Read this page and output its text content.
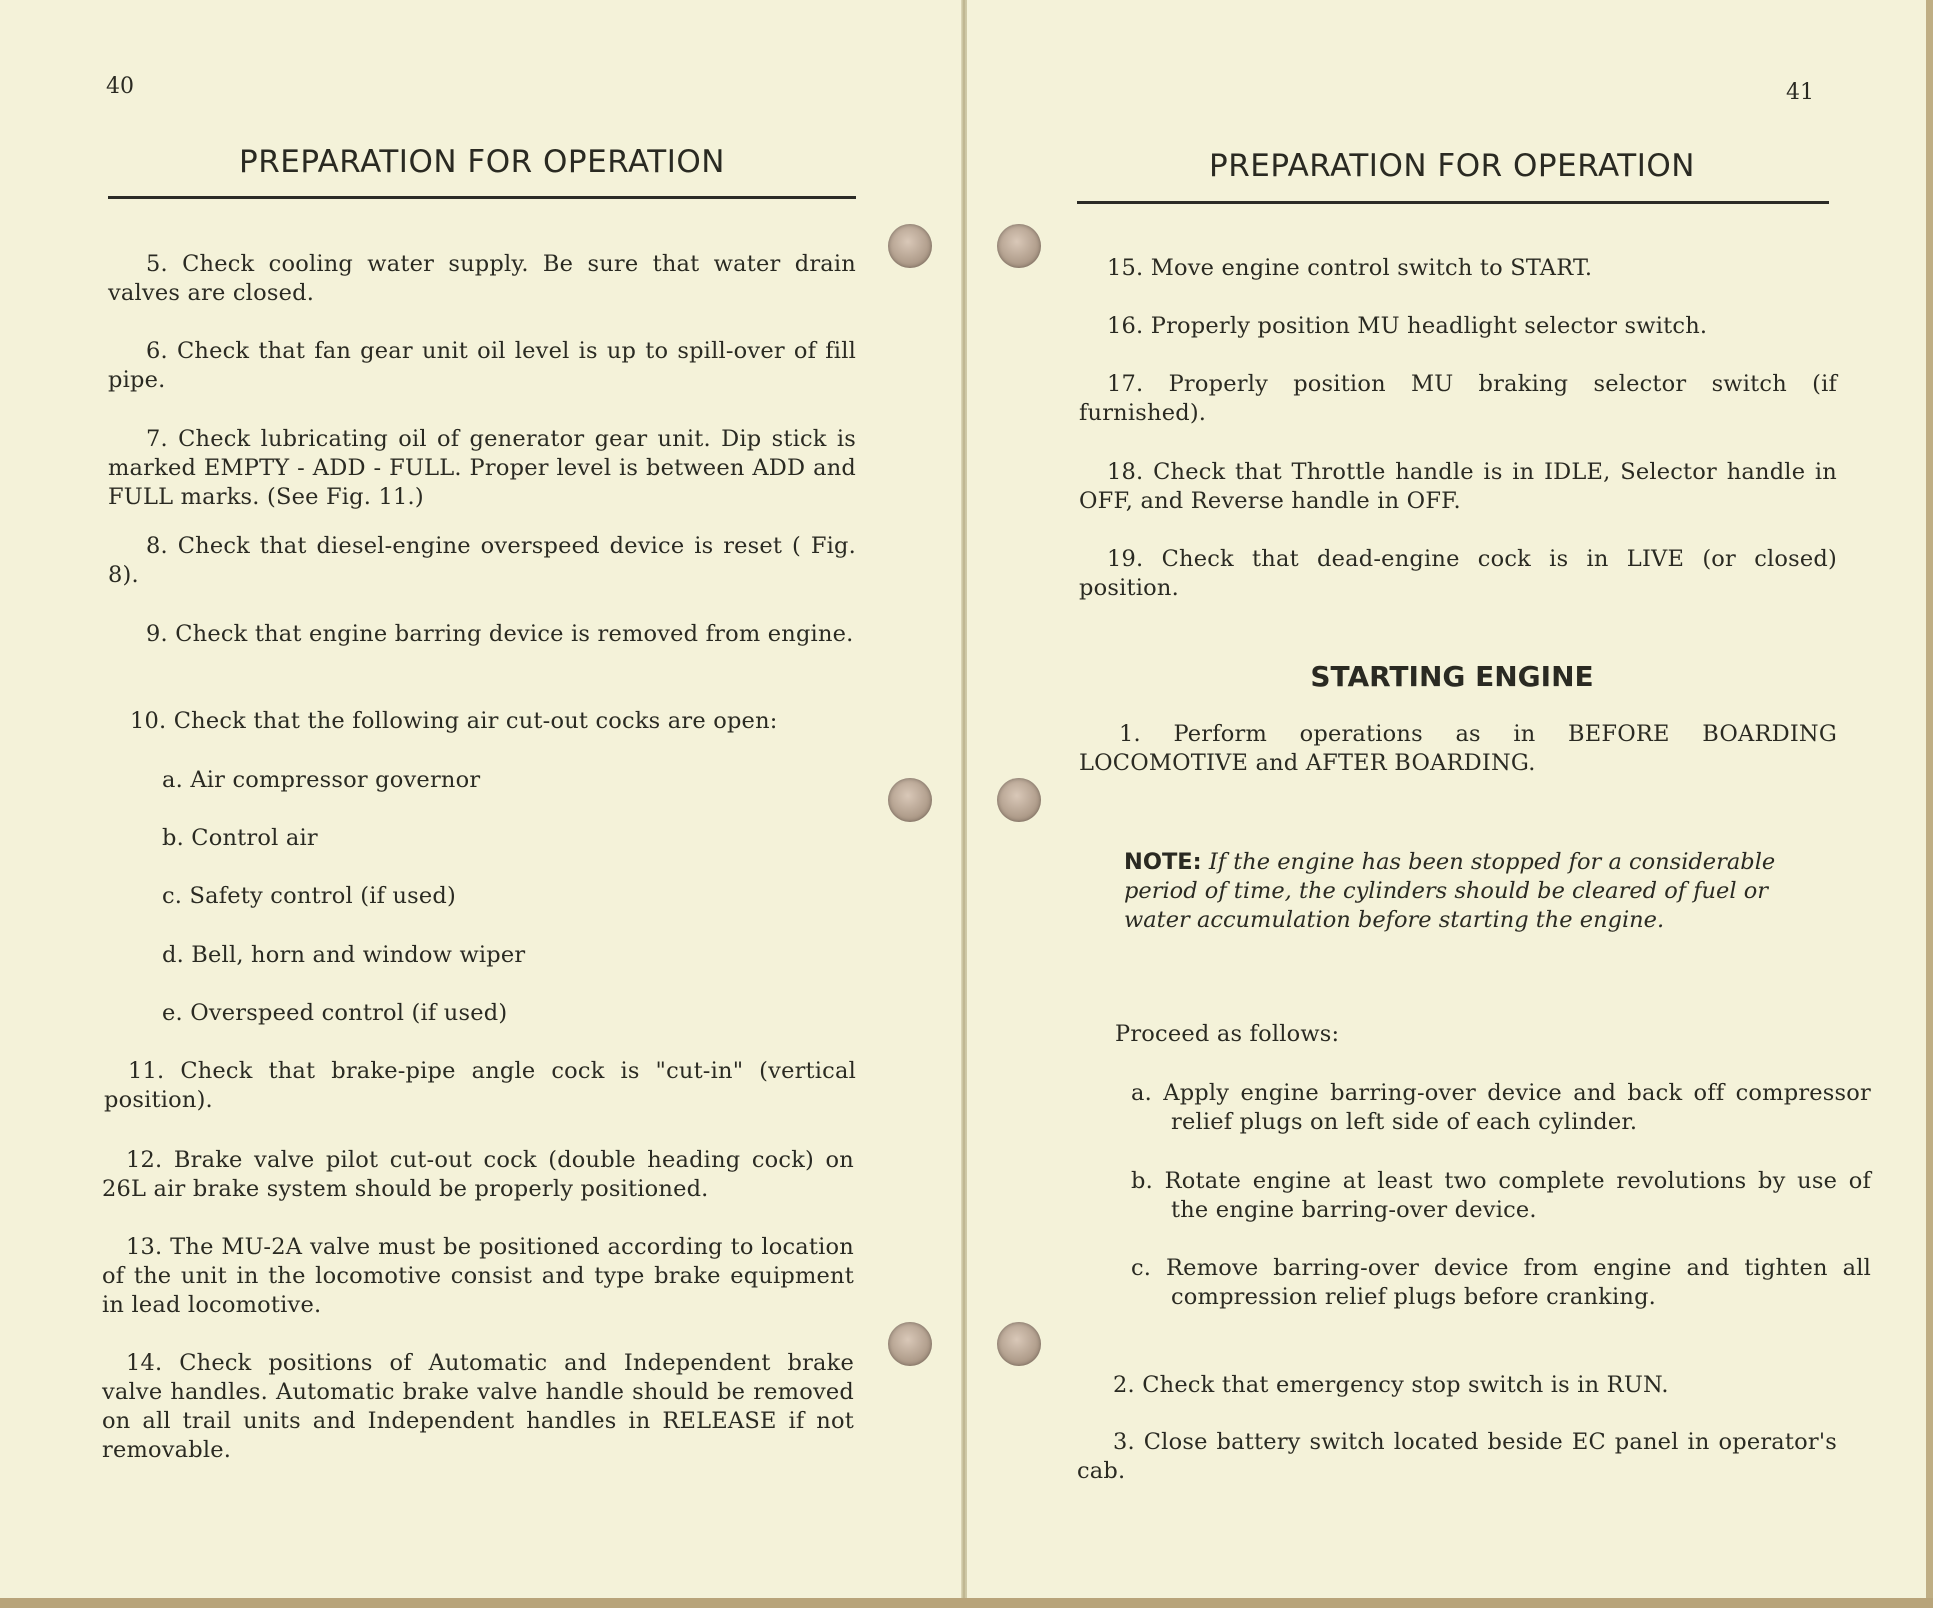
40
PREPARATION FOR OPERATION
5. Check cooling water supply. Be sure that water drain valves are closed.
6. Check that fan gear unit oil level is up to spill-over of fill pipe.
7. Check lubricating oil of generator gear unit. Dip stick is marked EMPTY - ADD - FULL. Proper level is between ADD and FULL marks. (See Fig. 11.)
8. Check that diesel-engine overspeed device is reset ( Fig. 8).
9. Check that engine barring device is removed from engine.
10. Check that the following air cut-out cocks are open:
a. Air compressor governor
b. Control air
c. Safety control (if used)
d. Bell, horn and window wiper
e. Overspeed control (if used)
11. Check that brake-pipe angle cock is "cut-in" (vertical position).
12. Brake valve pilot cut-out cock (double heading cock) on 26L air brake system should be properly positioned.
13. The MU-2A valve must be positioned according to location of the unit in the locomotive consist and type brake equipment in lead locomotive.
14. Check positions of Automatic and Independent brake valve handles. Automatic brake valve handle should be removed on all trail units and Independent handles in RELEASE if not removable.
41
PREPARATION FOR OPERATION
15. Move engine control switch to START.
16. Properly position MU headlight selector switch.
17. Properly position MU braking selector switch (if furnished).
18. Check that Throttle handle is in IDLE, Selector handle in OFF, and Reverse handle in OFF.
19. Check that dead-engine cock is in LIVE (or closed) position.
STARTING ENGINE
1. Perform operations as in BEFORE BOARDING LOCOMOTIVE and AFTER BOARDING.
NOTE: If the engine has been stopped for a considerable period of time, the cylinders should be cleared of fuel or water accumulation before starting the engine.
Proceed as follows:
a. Apply engine barring-over device and back off compressor relief plugs on left side of each cylinder.
b. Rotate engine at least two complete revolutions by use of the engine barring-over device.
c. Remove barring-over device from engine and tighten all compression relief plugs before cranking.
2. Check that emergency stop switch is in RUN.
3. Close battery switch located beside EC panel in operator's cab.
